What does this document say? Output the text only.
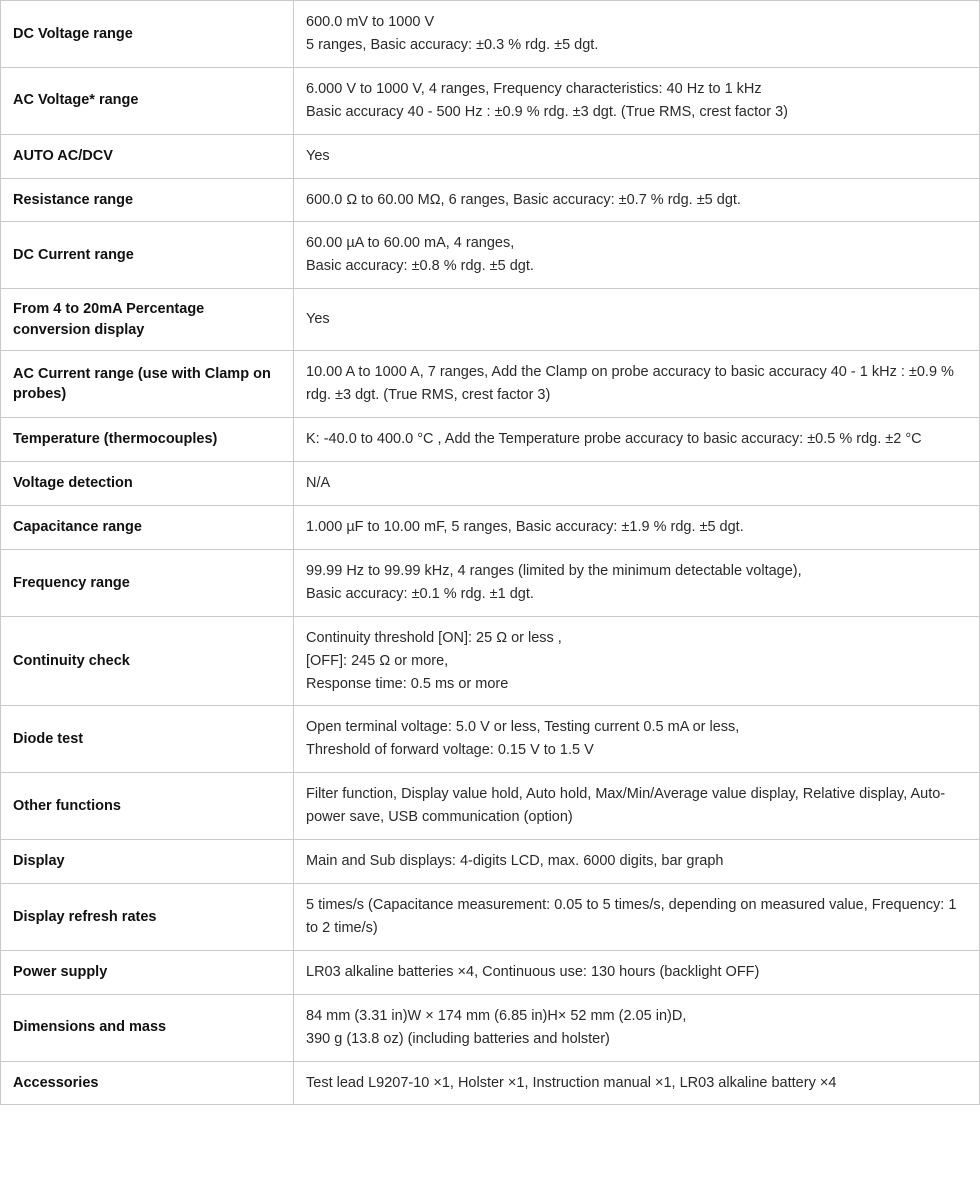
DC Voltage range	600.0 mV to 1000 V
5 ranges, Basic accuracy: ±0.3 % rdg. ±5 dgt.

AC Voltage* range	6.000 V to 1000 V, 4 ranges, Frequency characteristics: 40 Hz to 1 kHz
Basic accuracy 40 - 500 Hz : ±0.9 % rdg. ±3 dgt. (True RMS, crest factor 3)

AUTO AC/DCV	Yes

Resistance range	600.0 Ω to 60.00 MΩ, 6 ranges, Basic accuracy: ±0.7 % rdg. ±5 dgt.

DC Current range	60.00 µA to 60.00 mA, 4 ranges,
Basic accuracy: ±0.8 % rdg. ±5 dgt.

From 4 to 20mA Percentage conversion display	Yes

AC Current range (use with Clamp on probes)	10.00 A to 1000 A, 7 ranges, Add the Clamp on probe accuracy to basic accuracy 40 - 1 kHz : ±0.9 % rdg. ±3 dgt. (True RMS, crest factor 3)

Temperature (thermocouples)	K: -40.0 to 400.0 °C , Add the Temperature probe accuracy to basic accuracy: ±0.5 % rdg. ±2 °C

Voltage detection	N/A

Capacitance range	1.000 µF to 10.00 mF, 5 ranges, Basic accuracy: ±1.9 % rdg. ±5 dgt.

Frequency range	99.99 Hz to 99.99 kHz, 4 ranges (limited by the minimum detectable voltage),
Basic accuracy: ±0.1 % rdg. ±1 dgt.

Continuity check	Continuity threshold [ON]: 25 Ω or less ,
[OFF]: 245 Ω or more,
Response time: 0.5 ms or more

Diode test	Open terminal voltage: 5.0 V or less, Testing current 0.5 mA or less,
Threshold of forward voltage: 0.15 V to 1.5 V

Other functions	Filter function, Display value hold, Auto hold, Max/Min/Average value display, Relative display, Auto-power save, USB communication (option)

Display	Main and Sub displays: 4-digits LCD, max. 6000 digits, bar graph

Display refresh rates	5 times/s (Capacitance measurement: 0.05 to 5 times/s, depending on measured value, Frequency: 1 to 2 time/s)

Power supply	LR03 alkaline batteries ×4, Continuous use: 130 hours (backlight OFF)

Dimensions and mass	84 mm (3.31 in)W × 174 mm (6.85 in)H× 52 mm (2.05 in)D,
390 g (13.8 oz) (including batteries and holster)

Accessories	Test lead L9207-10 ×1, Holster ×1, Instruction manual ×1, LR03 alkaline battery ×4
